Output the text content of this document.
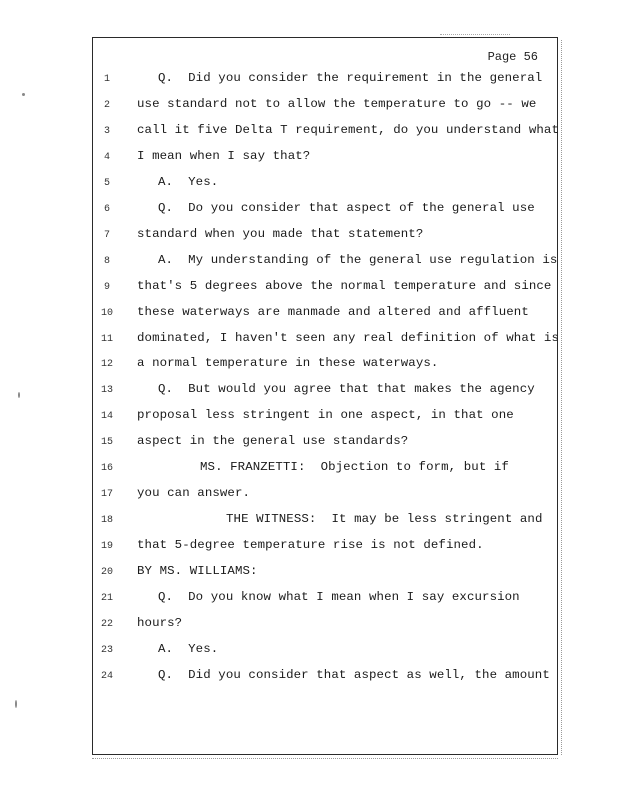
Page 56
1	Q.  Did you consider the requirement in the general
2	use standard not to allow the temperature to go -- we
3	call it five Delta T requirement, do you understand what
4	I mean when I say that?
5	A.  Yes.
6	Q.  Do you consider that aspect of the general use
7	standard when you made that statement?
8	A.  My understanding of the general use regulation is
9	that's 5 degrees above the normal temperature and since
10 these waterways are manmade and altered and affluent
11 dominated, I haven't seen any real definition of what is
12 a normal temperature in these waterways.
13	Q.  But would you agree that that makes the agency
14 proposal less stringent in one aspect, in that one
15 aspect in the general use standards?
16	MS. FRANZETTI:  Objection to form, but if
17 you can answer.
18	THE WITNESS:  It may be less stringent and
19 that 5-degree temperature rise is not defined.
20 BY MS. WILLIAMS:
21	Q.  Do you know what I mean when I say excursion
22 hours?
23	A.  Yes.
24	Q.  Did you consider that aspect as well, the amount
